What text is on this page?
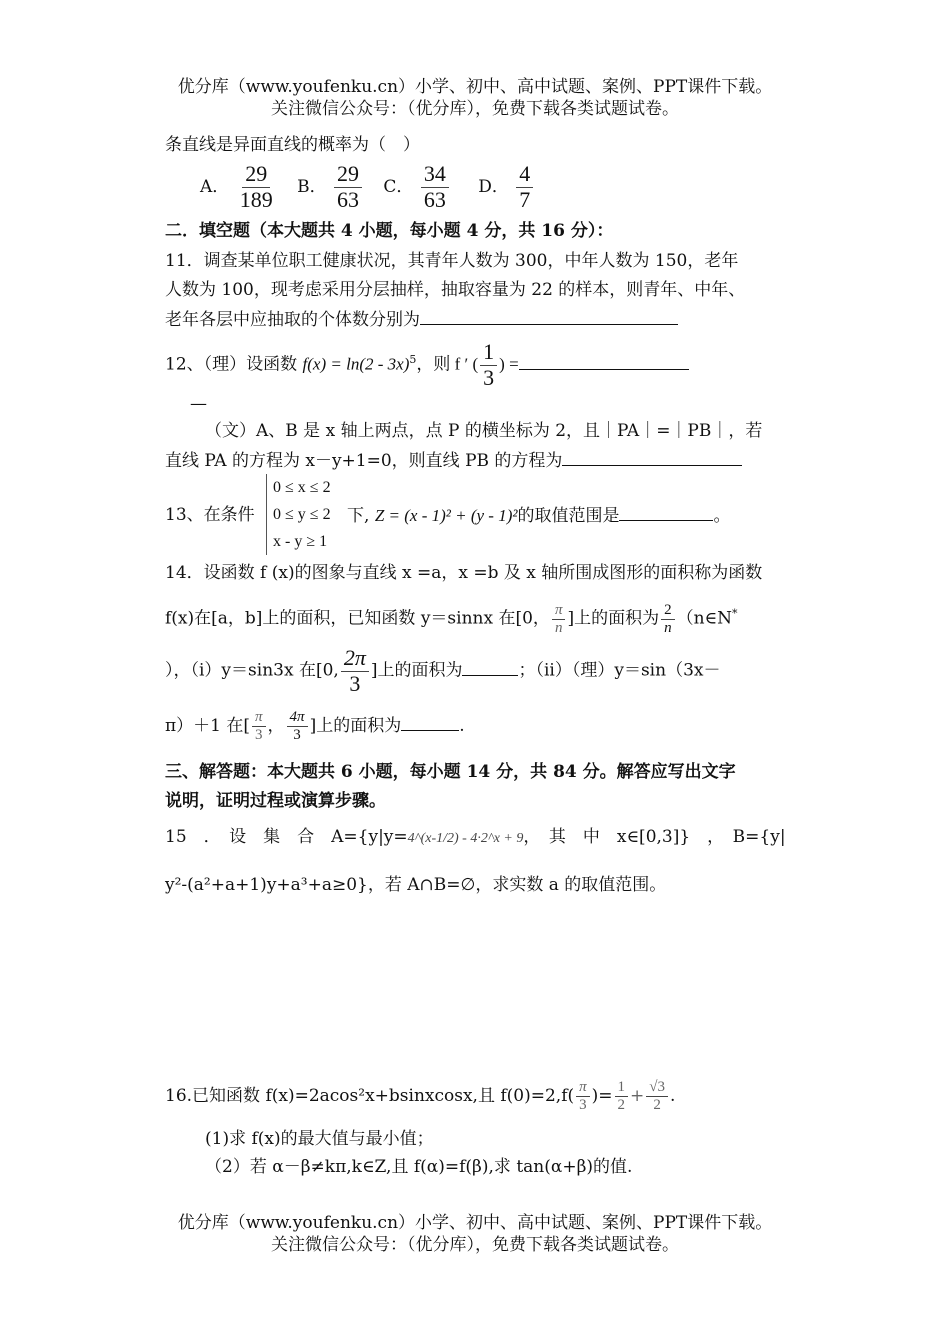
优分库（www.youfenku.cn）小学、初中、高中试题、案例、PPT课件下载。
关注微信公众号：（优分库），免费下载各类试题试卷。
条直线是异面直线的概率为（　）
A． $\frac{29}{189}$ B． $\frac{29}{63}$ C． $\frac{34}{63}$ D． $\frac{4}{7}$
二．填空题（本大题共 4 小题，每小题 4 分，共 16 分）：
11．调查某单位职工健康状况，其青年人数为 300，中年人数为 150，老年
人数为 100，现考虑采用分层抽样，抽取容量为 22 的样本，则青年、中年、
老年各层中应抽取的个体数分别为
12、（理）设函数 f(x) = ln(2 - 3x)$^5$，则 f ′ ( $\frac{1}{3}$ ) =
—
（文）A、B 是 x 轴上两点，点 P 的横坐标为 2，且｜PA｜=｜PB｜，若
直线 PA 的方程为 x－y+1=0，则直线 PB 的方程为
13、在条件
0 ≤ x ≤ 2
0 ≤ y ≤ 2
x - y ≥ 1
下, Z = (x - 1)² + (y - 1)²的取值范围是	。
14．设函数 f (x)的图象与直线 x =a，x =b 及 x 轴所围成图形的面积称为函数
f(x)在[a，b]上的面积，已知函数 y＝sinnx 在[0， $\frac{\pi}{n}$ ]上的面积为 $\frac{2}{n}$ （n∈N*
），（i）y＝sin3x 在[0, $\frac{2\pi}{3}$ ]上的面积为	；（ii）（理）y＝sin（3x－
π）＋1 在[ $\frac{\pi}{3}$ ， $\frac{4\pi}{3}$ ]上的面积为	.
三、解答题：本大题共 6 小题，每小题 14 分，共 84 分。解答应写出文字
说明，证明过程或演算步骤。
15　．　设　集　合　A={y|y=4^(x-1/2) - 4·2^x + 9，　其　中　x∈[0,3]}　，　B={y|
y²-(a²+a+1)y+a³+a≥0}，若 A∩B=∅，求实数 a 的取值范围。
16.已知函数 f(x)=2acos²x+bsinxcosx,且 $f(0)=2,f( \frac{\pi}{3}$ )= $\frac{1}{2} + \frac{√3}{2}$ .
(1)求 f(x)的最大值与最小值；
（2）若 α－β≠kπ,k∈Z,且 f(α)=f(β),求 tan(α+β)的值.
优分库（www.youfenku.cn）小学、初中、高中试题、案例、PPT课件下载。
关注微信公众号：（优分库），免费下载各类试题试卷。
